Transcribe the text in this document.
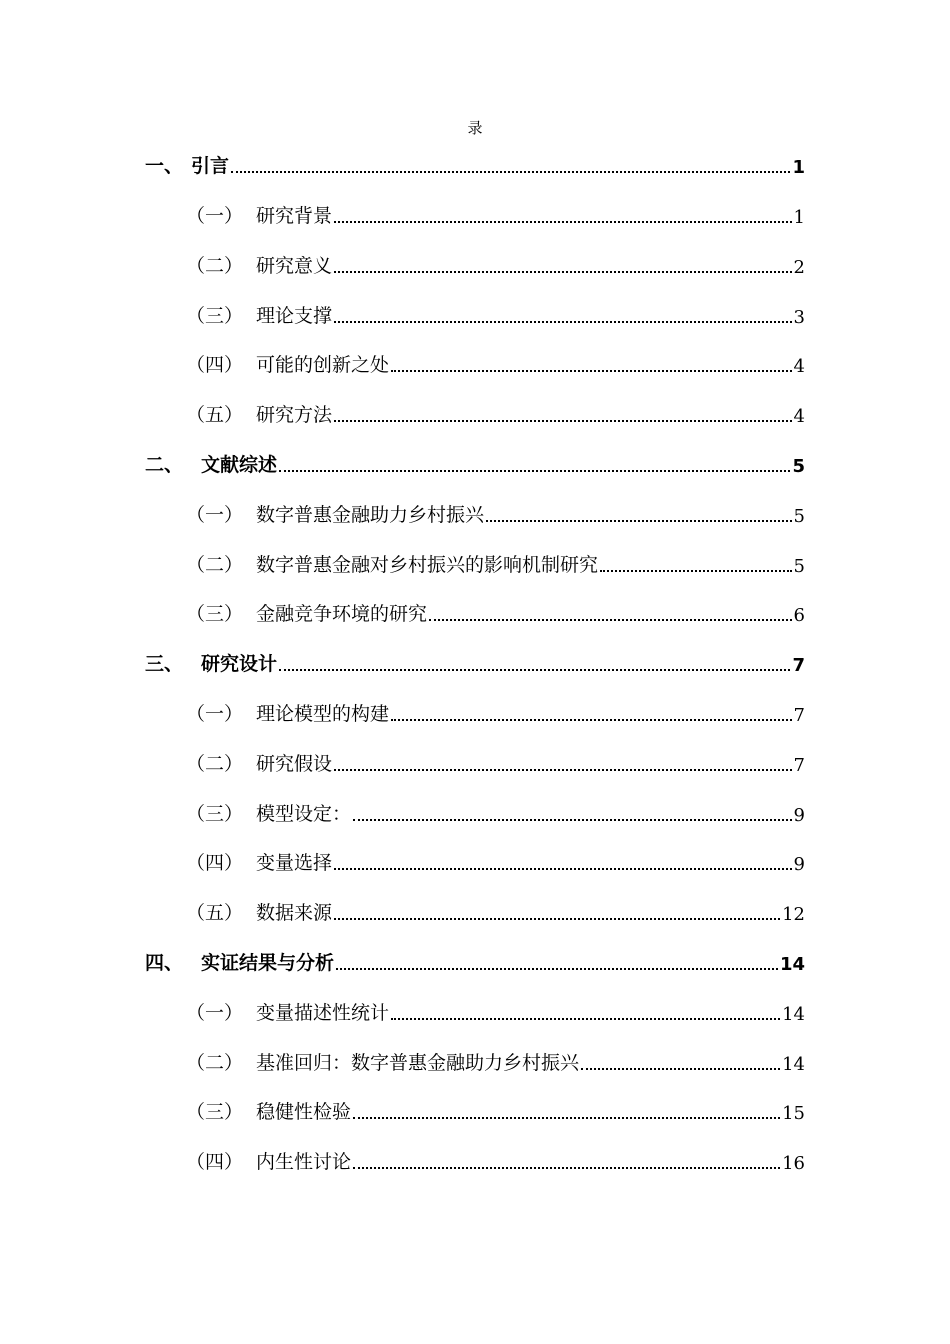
录
一、 引言	1
（一） 研究背景	1
（二） 研究意义	2
（三） 理论支撑	3
（四） 可能的创新之处	4
（五） 研究方法	4
二、 文献综述	5
（一） 数字普惠金融助力乡村振兴	5
（二） 数字普惠金融对乡村振兴的影响机制研究	5
（三） 金融竞争环境的研究	6
三、 研究设计	7
（一） 理论模型的构建	7
（二） 研究假设	7
（三） 模型设定：	9
（四） 变量选择	9
（五） 数据来源	12
四、 实证结果与分析	14
（一） 变量描述性统计	14
（二） 基准回归：数字普惠金融助力乡村振兴	14
（三） 稳健性检验	15
（四） 内生性讨论	16
